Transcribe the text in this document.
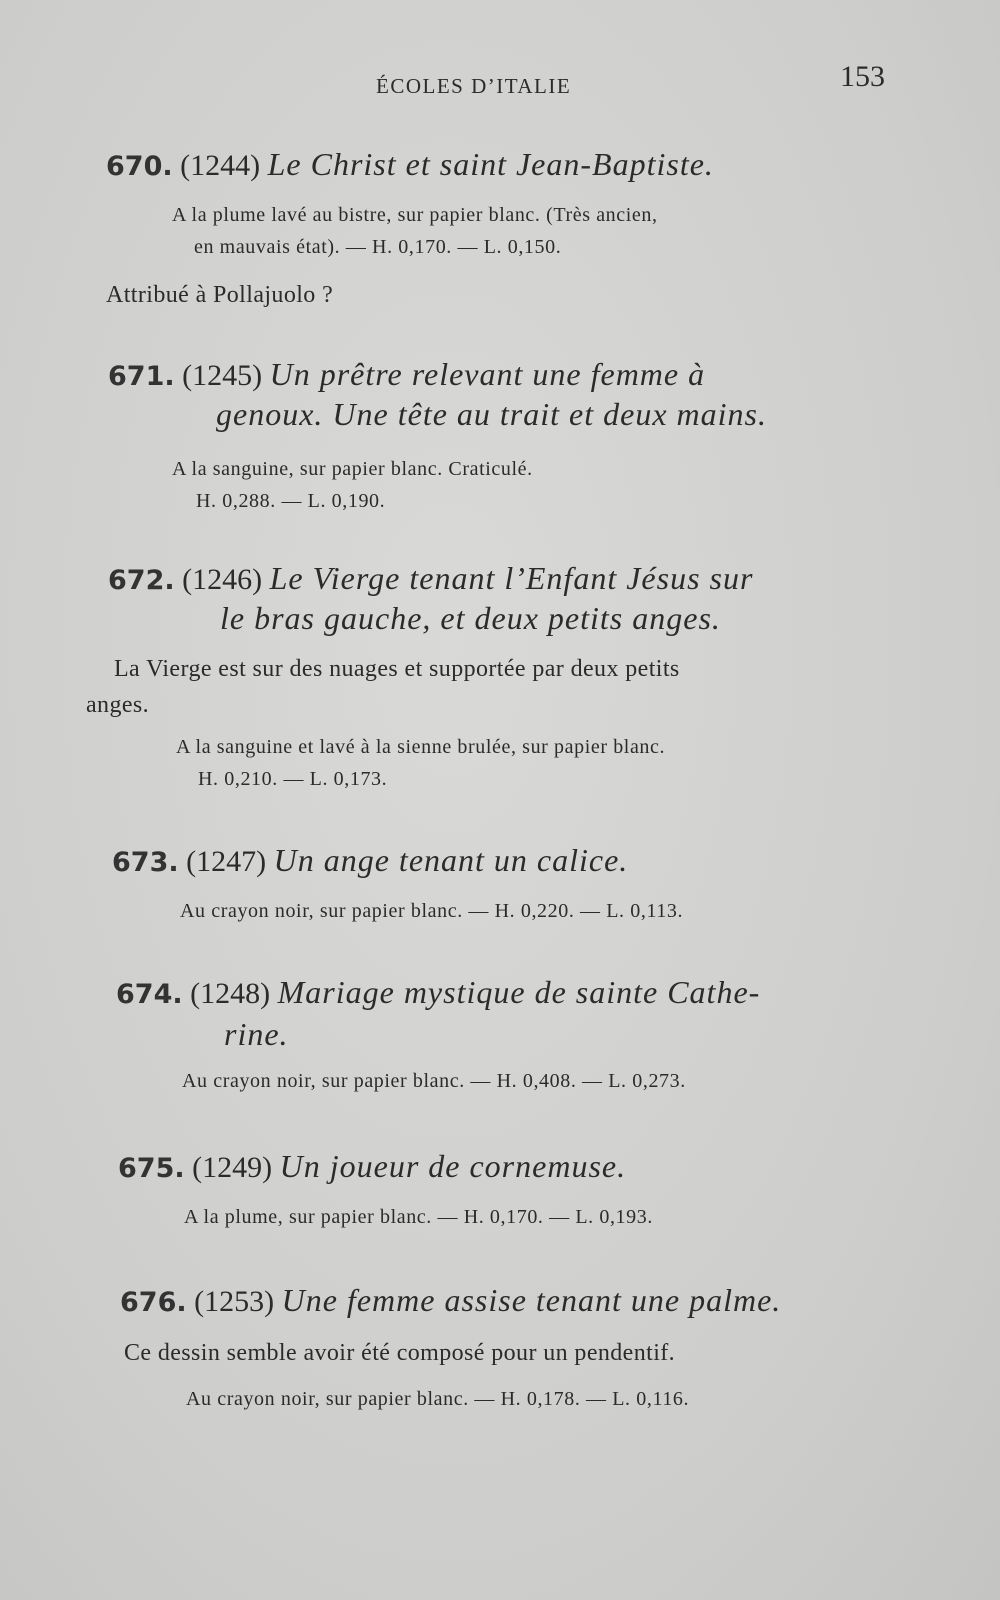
ÉCOLES D’ITALIE	153
670. (1244) Le Christ et saint Jean-Baptiste.
A la plume lavé au bistre, sur papier blanc. (Très ancien,
en mauvais état). — H. 0,170. — L. 0,150.
Attribué à Pollajuolo ?
671. (1245) Un prêtre relevant une femme à
genoux. Une tête au trait et deux mains.
A la sanguine, sur papier blanc. Craticulé.
H. 0,288. — L. 0,190.
672. (1246) Le Vierge tenant l’Enfant Jésus sur
le bras gauche, et deux petits anges.
La Vierge est sur des nuages et supportée par deux petits
anges.
A la sanguine et lavé à la sienne brulée, sur papier blanc.
H. 0,210. — L. 0,173.
673. (1247) Un ange tenant un calice.
Au crayon noir, sur papier blanc. — H. 0,220. — L. 0,113.
674. (1248) Mariage mystique de sainte Cathe-
rine.
Au crayon noir, sur papier blanc. — H. 0,408. — L. 0,273.
675. (1249) Un joueur de cornemuse.
A la plume, sur papier blanc. — H. 0,170. — L. 0,193.
676. (1253) Une femme assise tenant une palme.
Ce dessin semble avoir été composé pour un pendentif.
Au crayon noir, sur papier blanc. — H. 0,178. — L. 0,116.
